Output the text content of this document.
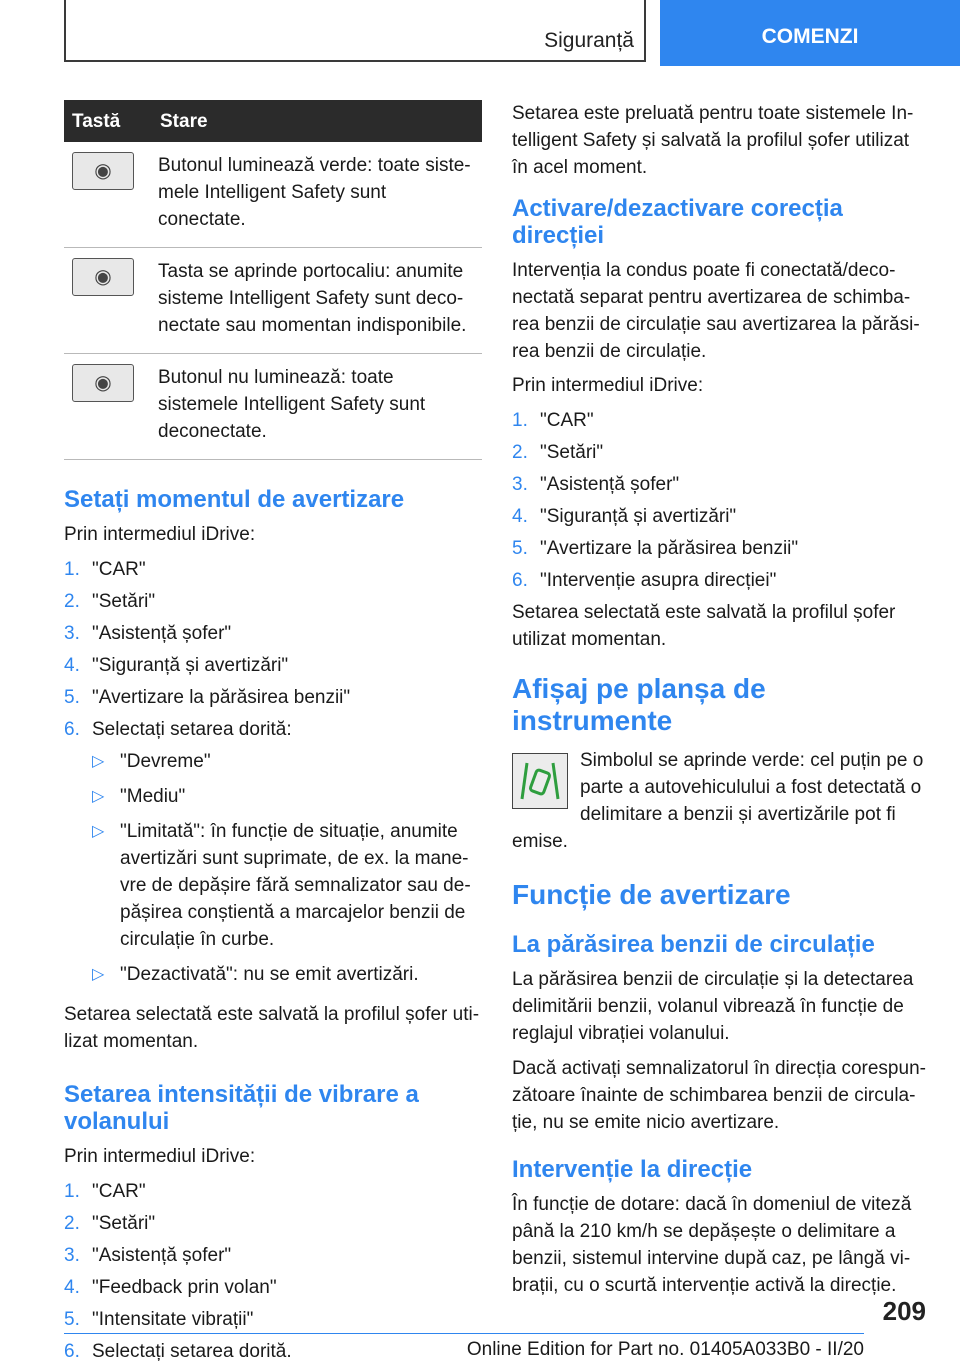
Siguranță	COMENZI
Tastă	Stare

◉	Butonul luminează verde: toate sistemele Intelligent Safety sunt conectate.

◉	Tasta se aprinde portocaliu: anumite sisteme Intelligent Safety sunt deconectate sau momentan indisponibile.

◉	Butonul nu luminează: toate sistemele Intelligent Safety sunt deconectate.
Setați momentul de avertizare

Prin intermediul iDrive:

1. "CAR"
2. "Setări"
3. "Asistență șofer"
4. "Siguranță și avertizări"
5. "Avertizare la părăsirea benzii"
6. Selectați setarea dorită:
▷ "Devreme"
▷ "Mediu"
▷ "Limitată": în funcție de situație, anumite avertizări sunt suprimate, de ex. la manevre de depășire fără semnalizator sau depășirea conștientă a marcajelor benzii de circulație în curbe.
▷ "Dezactivată": nu se emit avertizări.

Setarea selectată este salvată la profilul șofer utilizat momentan.

Setarea intensității de vibrare a volanului

Prin intermediul iDrive:

1. "CAR"
2. "Setări"
3. "Asistență șofer"
4. "Feedback prin volan"
5. "Intensitate vibrații"
6. Selectați setarea dorită.

Setarea este preluată pentru toate sistemele Intelligent Safety și salvată la profilul șofer utilizat în acel moment.

Activare/dezactivare corecția direcției

Intervenția la condus poate fi conectată/deconectată separat pentru avertizarea de schimbarea benzii de circulație sau avertizarea la părăsirea benzii de circulație.

Prin intermediul iDrive:

1. "CAR"
2. "Setări"
3. "Asistență șofer"
4. "Siguranță și avertizări"
5. "Avertizare la părăsirea benzii"
6. "Intervenție asupra direcției"

Setarea selectată este salvată la profilul șofer utilizat momentan.

Afișaj pe planșa de instrumente

Simbolul se aprinde verde: cel puțin pe o parte a autovehiculului a fost detectată o delimitare a benzii și avertizările pot fi emise.

Funcție de avertizare
La părăsirea benzii de circulație

La părăsirea benzii de circulație și la detectarea delimitării benzii, volanul vibrează în funcție de reglajul vibrației volanului.

Dacă activați semnalizatorul în direcția corespunzătoare înainte de schimbarea benzii de circulație, nu se emite nicio avertizare.

Intervenție la direcție

În funcție de dotare: dacă în domeniul de viteză până la 210 km/h se depășește o delimitare a benzii, sistemul intervine după caz, pe lângă vibrații, cu o scurtă intervenție activă la direcție.

209
Online Edition for Part no. 01405A033B0 - II/20
